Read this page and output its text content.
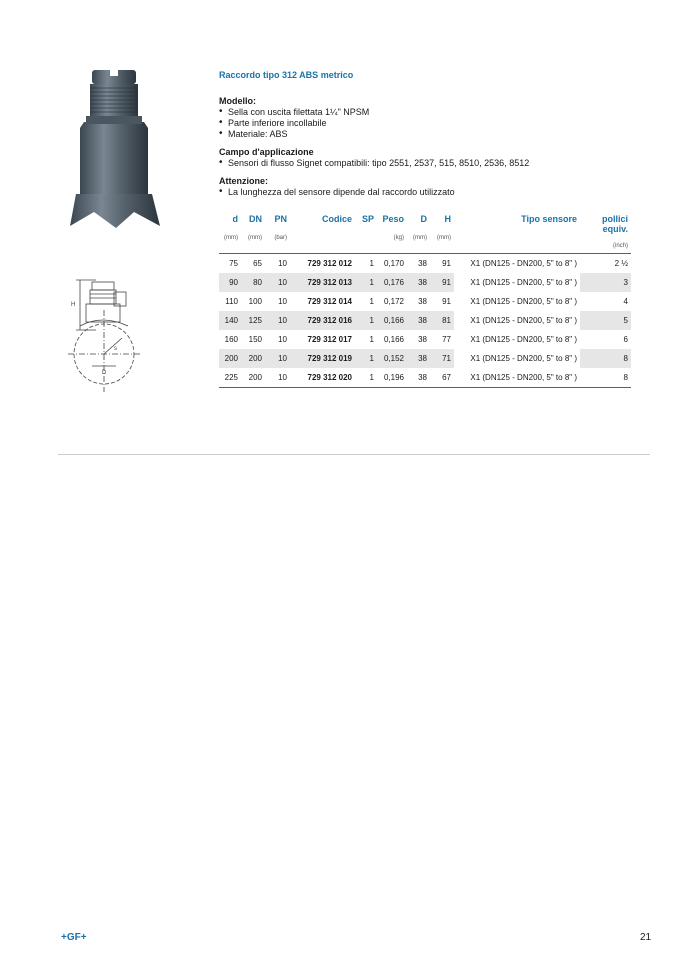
H
D
s
Raccordo tipo 312 ABS metrico
Modello:
• Sella con uscita filettata 1¼" NPSM
• Parte inferiore incollabile
• Materiale: ABS
Campo d'applicazione
• Sensori di flusso Signet compatibili: tipo 2551, 2537, 515, 8510, 2536, 8512
Attenzione:
• La lunghezza del sensore dipende dal raccordo utilizzato
d	DN	PN	Codice	SP	Peso	D	H	Tipo sensore	pollici equiv.
(mm)	(mm)	(bar)			(kg)	(mm)	(mm)		
									(inch)
75	65	10	729 312 012	1	0,170	38	91	X1 (DN125 - DN200, 5" to 8" )	2 ½
90	80	10	729 312 013	1	0,176	38	91	X1 (DN125 - DN200, 5" to 8" )	3
110	100	10	729 312 014	1	0,172	38	91	X1 (DN125 - DN200, 5" to 8" )	4
140	125	10	729 312 016	1	0,166	38	81	X1 (DN125 - DN200, 5" to 8" )	5
160	150	10	729 312 017	1	0,166	38	77	X1 (DN125 - DN200, 5" to 8" )	6
200	200	10	729 312 019	1	0,152	38	71	X1 (DN125 - DN200, 5" to 8" )	8
225	200	10	729 312 020	1	0,196	38	67	X1 (DN125 - DN200, 5" to 8" )	8
+GF+	21
